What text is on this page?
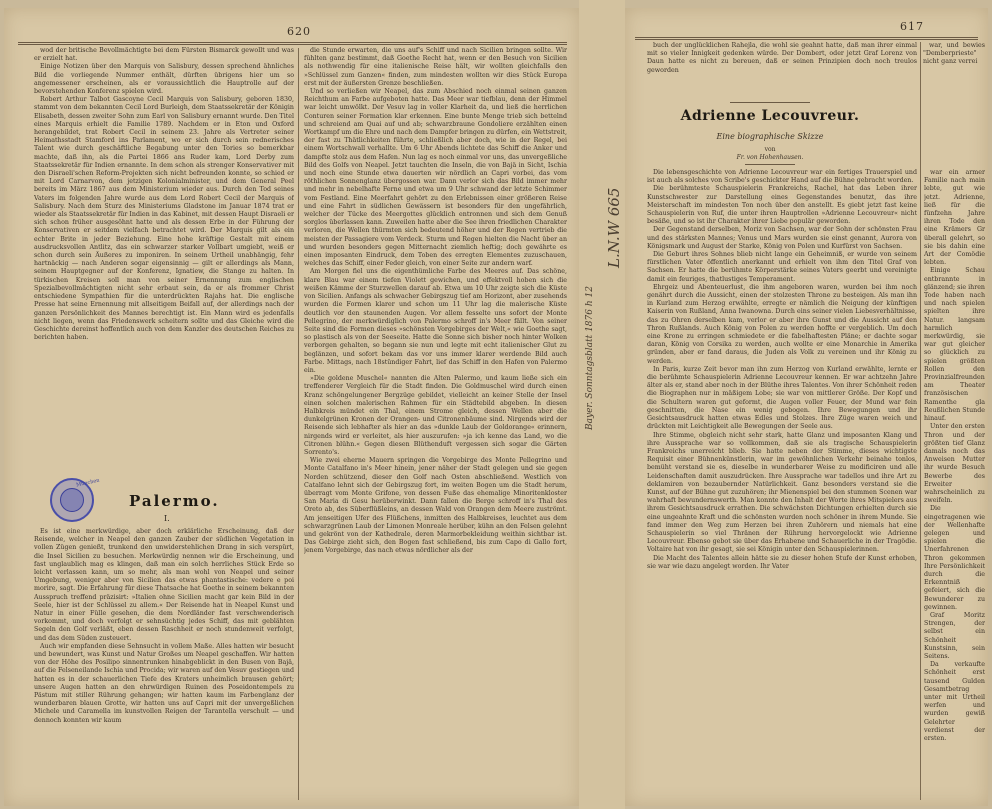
620

wod der britische Bevollmächtigte bei dem Fürsten Bismarck gewollt und was er erzielt hat.

Einige Notizen über den Marquis von Salisbury, dessen sprechend ähnliches Bild die vorliegende Nummer enthält, dürften übrigens hier um so angemessener erscheinen, als er voraussichtlich die Hauptrolle auf der bevorstehenden Konferenz spielen wird.

Robert Arthur Talbot Gascoyne Cecil Marquis von Salisbury, geboren 1830, stammt von dem bekannten Cecil Lord Burleigh, dem Staatssekretär der Königin Elisabeth, dessen zweiter Sohn zum Earl von Salisbury ernannt wurde. Den Titel eines Marquis erhielt die Familie 1789. Nachdem er in Eton und Oxford herangebildet, trat Robert Cecil in seinem 23. Jahre als Vertreter seiner Heimathsstadt Stamford ins Parlament, wo er sich durch sein rednerisches Talent wie durch geschäftliche Begabung unter den Tories so bemerkbar machte, daß ihn, als die Partei 1866 ans Ruder kam, Lord Derby zum Staatssekretär für Indien ernannte. In dem schon als strenger Konservativer mit den Disraeli'schen Reform-Projekten sich nicht befreunden konnte, so schied er mit Lord Carnarvon, dem jetzigen Kolonialminister, und dem General Peel bereits im März 1867 aus dem Ministerium wieder aus. Durch den Tod seines Vaters im folgenden Jahre wurde aus dem Lord Robert Cecil der Marquis of Salisbury. Nach dem Sturz des Ministeriums Gladstone im Januar 1874 trat er wieder als Staatssekretär für Indien in das Kabinet, mit dessen Haupt Disraeli er sich schon früher ausgesöhnt hatte und als dessen Erbe in der Führung der Konservativen er seitdem vielfach betrachtet wird. Der Marquis gilt als ein echter Brite in jeder Beziehung. Eine hohe kräftige Gestalt mit einem ausdrucksvollen Antlitz, das ein schwarzer starker Vollbart umgiebt, weiß er schon durch sein Äußeres zu imponiren. In seinem Urtheil unabhängig, fehr hartnäckig — nach Anderen sogar eigensinnig — gilt er allerdings als Mann, seinem Hauptgegner auf der Konferenz, Ignatiew, die Stange zu halten. In türkischen Kreisen soll man von seiner Ernennung zum englischen Spezialbevollmächtigten nicht sehr erbaut sein, da er als frommer Christ entschiedene Sympathien für die unterdrückten Rajahs hat. Die englische Presse hat seine Ernennung mit allseitigem Beifall auf, der allerdings nach der ganzen Persönlichkeit des Mannes berechtigt ist. Ein Mann wird es jedenfalls nicht liegen, wenn das Friedenswerk scheitern sollte und das Gleiche wird die Geschichte dereinst hoffentlich auch von dem Kanzler des deutschen Reiches zu berichten haben.

München
Palermo.
I.

Es ist eine merkwürdige, aber doch erklärliche Erscheinung, daß der Reisende, welcher in Neapel den ganzen Zauber der südlichen Vegetation in vollen Zügen genießt, trunkend den unwiderstehlichen Drang in sich verspürt, die Insel Sicilien zu besuchen. Merkwürdig nennen wir die Erscheinung, und fast unglaublich mag es klingen, daß man ein solch herrliches Stück Erde so leicht verlassen kann, um so mehr, als man wohl von Neapel und seiner Umgebung, weniger aber von Sicilien das etwas phantastische: vedere e poi morire, sagt. Die Erfahrung für diese Thatsache hat Goethe in seinem bekannten Ausspruch treffend präzisirt: »Italien ohne Sicilien macht gar kein Bild in der Seele, hier ist der Schlüssel zu allem.« Der Reisende hat in Neapel Kunst und Natur in einer Fülle gesehen, die dem Nordländer fast verschwenderisch vorkommt, und doch verfolgt er sehnsüchtig jedes Schiff, das mit geblähten Segeln den Golf verläßt, eben dessen Raschheit er noch stundenweit verfolgt, und das dem Süden zusteuert.

Auch wir empfanden diese Sehnsucht in vollem Maße. Alles hatten wir besucht und bewundert, was Kunst und Natur Großes um Neapel geschaffen. Wir hatten von der Höhe des Posilipo sinnentrunken hinabgeblickt in den Busen von Bajä, auf die Felseneilande Ischia und Procida; wir waren auf den Vesuv gestiegen und hatten es in der schauerlichen Tiefe des Kraters unheimlich brausen gehört; unsere Augen hatten an den ehrwürdigen Ruinen des Poseidontempels zu Pästum mit stiller Rührung gehangen; wir hatten kaum im Farbenglanz der wunderbaren blauen Grotte, wir hatten uns auf Capri mit der unvergeßlichen Michele und Caramella im kunstvollen Reigen der Tarantella verschult — und dennoch konnten wir kaum

die Stunde erwarten, die uns auf's Schiff und nach Sicilien bringen sollte. Wir fühlten ganz bestimmt, daß Goethe Recht hat, wenn er den Besuch von Sicilien als nothwendig für eine italienische Reise hält, wir wollten gleichfalls den »Schlüssel zum Ganzen« finden, zum mindesten wollten wir dies Stück Europa erst mit der äußersten Grenze beschließen.

Und so verließen wir Neapel, das zum Abschied noch einmal seinen ganzen Reichthum an Farbe aufgeboten hatte. Das Meer war tiefblau, denn der Himmel war leicht umwölkt. Der Vesuv lag in voller Klarheit da, und ließ die herrlichen Conturen seiner Formation klar erkennen. Eine bunte Menge trieb sich bettelnd und schreiend am Quai auf und ab; schwarzbraune Gondoliere erzählten einen Wortkampf um die Ehre und nach dem Dampfer bringen zu dürfen, ein Wettstreit, der fast zu Thätlichkeiten führte, schließlich aber doch, wie in der Regel, bei einem Wortschwall verhallte. Um 6 Uhr Abends lichtete das Schiff die Anker und dampfte stolz aus dem Hafen. Nun lag es noch einmal vor uns, das unvergeßliche Bild des Golfs von Neapel. Jetzt tauchten die Inseln, die von Bajä in Sicht, Ischia und noch eine Stunde etwa dauerten wir nördlich an Capri vorbei, das vom röthlichen Sonnenglanz übergossen war. Dann verlor sich das Bild immer mehr und mehr in nebelhafte Ferne und etwa um 9 Uhr schwand der letzte Schimmer vom Festland. Eine Meerfahrt gehört zu den Erlebnissen einer größeren Reise und eine Fahrt in südlichen Gewässern ist besonders für den ungefährlich, welcher der Tücke des Meergottes glücklich entronnen und sich dem Genuß sorglos überlassen kann. Zuweilen hatte aber die See ihren friedlichen Charakter verloren, die Wellen thürmten sich bedeutend höher und der Regen vertrieb die meisten der Passagiere vom Verdeck. Sturm und Regen hielten die Nacht über an und wurden besonders gegen Mitternacht ziemlich heftig; doch gewährte es einen imposanten Eindruck, dem Toben des erregten Elementes zuzuschauen, welches das Schiff, einer Feder gleich, von einer Seite zur andern warf.

Am Morgen fiel uns die eigenthümliche Farbe des Meeres auf. Das schöne, klare Blau war einem tiefen Violett gewichen, und effektvoll hoben sich die weißen Kämme der Sturzwellen darauf ab. Etwa um 10 Uhr zeigte sich die Küste von Sicilien. Anfangs als schwacher Gebirgszug tief am Horizont, aber zusehends wurden die Formen klarer und schon um 11 Uhr lag die malerische Küste deutlich vor den staunenden Augen. Vor allem fesselte uns sofort der Monte Pellegrino, der merkwürdiglich von Palermo schroff in's Meer fällt. Von seiner Seite sind die Formen dieses »schönsten Vorgebirges der Welt,« wie Goethe sagt, so plastisch als von der Seeseite. Hatte die Sonne sich bisher noch hinter Wolken verborgen gehalten, so begann sie nun und legte mit echt italienischer Glut zu beglänzen, und sofort bekam das vor uns immer klarer werdende Bild auch Farbe. Mittags, nach 18stündiger Fahrt, lief das Schiff in den Hafen von Palermo ein.

»Die goldene Muschel« nannten die Alten Palermo, und kaum ließe sich ein treffenderer Vergleich für die Stadt finden. Die Goldmuschel wird durch einen Kranz schöngelungener Bergzüge gebildet, vielleicht an keiner Stelle der Insel einen solchen malerischen Rahmen für ein Städtebild abgeben. In diesen Halbkreis mündet ein Thal, einem Strome gleich, dessen Wellen aber die dunkelgrünen Kronen der Orangen- und Citronenbäume sind. Nirgends wird der Reisende sich lebhafter als hier an das »dunkle Laub der Goldorange« erinnern, nirgends wird er verleitet, als hier auszurufen: »ja ich kenne das Land, wo die Citronen blühn.« Gegen diesen Blüthenduft vergessen sich sogar die Gärten Sorrento's.

Wie zwei eherne Mauern springen die Vorgebirge des Monte Pellegrino und Monte Catalfano in's Meer hinein, jener näher der Stadt gelegen und sie gegen Norden schützend, dieser den Golf nach Osten abschließend. Westlich von Catalfano lehnt sich der Gebirgszug fort, im weiten Bogen um die Stadt herum, überragt vom Monte Grifone, von dessen Fuße das ehemalige Minoritenkloster San Maria di Gesu herüberwinkt. Dann fallen die Berge schroff in's Thal des Oreto ab, des Süberflüßleins, an dessen Wald von Orangen dem Meere zuströmt. Am jenseitigen Ufer des Flüßchens, inmitten des Halbkreises, leuchtet aus dem schwarzgrünen Laub der Limonen Monreale herüber, kühn an den Felsen gelehnt und gekrönt von der Kathedrale, deren Marmorbekleidung weithin sichtbar ist. Das Gebirge zieht sich, den Bogen fast schließend, bis zum Capo di Gallo fort, jenem Vorgebirge, das nach etwas nördlicher als der

L.N.W 665
Bayer. Sonntagsblatt 1876 h 12
617

buch der unglücklichen Rahejla, die wohl sie geahnt hatte, daß man ihrer einmal mit so vieler Innigkeit gedenken würde. Der Dombert, oder jetzt Graf Lorenz von Daun hatte es nicht zu bereuen, daß er seinen Prinzipien doch noch treulos geworden

war, und bewies "Demberprieste" nicht ganz verrei

Adrienne Lecouvreur.
Eine biographische Skizze
von
Fr. von Hohenhausen.

Die lebensgeschichte von Adrienne Lecouvreur war ein fertiges Trauerspiel und ist auch als solches von Scribe's geschickter Hand auf die Bühne gebracht worden.

Die berühmteste Schauspielerin Frankreichs, Rachel, hat das Leben ihrer Kunstschwester zur Darstellung eines Gegenstandes benutzt, das ihre Meisterschaft im mindesten Ton noch über den anstellt. Es giebt jetzt fast keine Schauspielerin von Ruf, die unter ihren Hauptrollen »Adrienne Lecouvreur« nicht besäße, und so ist ihr Charakter ihrer Liebe populär geworden.

Der Gegenstand derselben, Moriz von Sachsen, war der Sohn der schönsten Frau und des stärksten Mannes; Venus und Mars wurden sie einst genannt, Aurora von Königsmark und August der Starke, König von Polen und Kurfürst von Sachsen.

Die Geburt ihres Sohnes blieb nicht lange ein Geheimniß, er wurde von seinem fürstlichen Vater öffentlich anerkannt und erhielt von ihm den Titel Graf von Sachsen. Er hatte die berühmte Körperstärke seines Vaters geerbt und vereinigte damit ein feuriges, thatlustiges Temperament.

Ehrgeiz und Abenteuerlust, die ihm angeboren waren, wurden bei ihm noch genährt durch die Aussicht, einen der stolzesten Throne zu besteigen. Als man ihn in Kurland zum Herzog erwählte, erregte er nämlich die Neigung der künftigen Kaiserin von Rußland, Anna Iwanowna. Durch eins seiner vielen Liebesverhältnisse, das zu Ohren derselben kam, verlor er aber ihre Gunst und die Aussicht auf den Thron Rußlands. Auch König von Polen zu werden hoffte er vergeblich. Um doch eine Krone zu erringen schmiedete er die fabelhaftesten Pläne; er dachte sogar daran, König von Corsika zu werden, auch wollte er eine Monarchie in Amerika gründen, aber er fand daraus, die Juden als Volk zu vereinen und ihr König zu werden.

In Paris, kurze Zeit bevor man ihn zum Herzog von Kurland erwählte, lernte er die berühmte Schauspielerin Adrienne Lecouvreur kennen. Er war achtzehn Jahre älter als er, stand aber noch in der Blüthe ihres Talentes. Von ihrer Schönheit reden die Biographen nur in mäßigem Lobe; sie war von mittlerer Größe. Der Kopf und die Schultern waren gut geformt, die Augen voller Feuer, der Mund war fein geschnitten, die Nase ein wenig gebogen. Ihre Bewegungen und ihr Gesichtsausdruck hatten etwas Edles und Stolzes. Ihre Züge waren weich und drückten mit Leichtigkeit alle Bewegungen der Seele aus.

Ihre Stimme, obgleich nicht sehr stark, hatte Glanz und imposanten Klang und ihre Aussprache war so vollkommen, daß sie als tragische Schauspielerin Frankreichs unerreicht blieb. Sie hatte neben der Stimme, dieses wichtigste Requisit einer Bühnenkünstlerin, war im gewöhnlichen Verkehr beinahe tonlos, bemüht verstand sie es, dieselbe in wunderbarer Weise zu modificiren und alle Leidenschaften damit auszudrücken. Ihre Aussprache war tadellos und ihre Art zu deklamiren von bezaubernder Natürlichkeit. Ganz besonders verstand sie die Kunst, auf der Bühne gut zuzuhören; ihr Mienenspiel bei den stummen Scenen war wahrhaft bewundernswerth. Man konnte den Inhalt der Worte ihres Mitspielers aus ihrem Gesichtsausdruck errathen. Die schwächsten Dichtungen erhielten durch sie eine ungeahnte Kraft und die schönsten wurden noch schöner in ihrem Munde. Sie fand immer den Weg zum Herzen bei ihren Zuhörern und niemals hat eine Schauspielerin so viel Thränen der Rührung hervorgelockt wie Adrienne Lecouvreur. Ebenso gebot sie über das Erhabene und Schauerliche in der Tragödie. Voltaire hat von ihr gesagt, sie sei Königin unter den Schauspielerinnen.

Die Macht des Talentes allein hätte sie zu dieser hohen Stufe der Kunst erhoben, sie war wie dazu angelegt worden. Ihr Vater

war ein armer Familie nach main lebte, gut wie jetzt. Adrienne, ließ für die fünfzehn Jahre ihren Tode den eine Krämers Gr überall gelehrt, so sie bis dahin eine Art der Comödie lebten.

Einige Schau entbrannte in glänzend; sie ihren Tode haben nach und nach spielen spielten ihre Natur. langsam harmlich merkwürdig, sie war gut gleicher so glücklich zu spielen größten Rollen den Provinzialfreunden am Theater französischen Ramenthe gla Reußlichen Stunde hinauf.

Unter den ersten Thron und der größten tief Glanz damals noch das Anweisen Mutter ihr wurde Besuch Bewerbe des Erweiter wahrscheinlich zu zweifeln.

Die eingetragenen wie der Wellenhafte gelegen und spielen die Unerfahrenen Thron gekommen Ihre Persönlichkeit durch die Erkenntniß gefeiert, sich die Bewunderer zu gewinnen.

Graf Moritz Strengen, der selbst ein Schönheit Kunstsinn, sein Seitens.

Da verkaufte Schönheit erst tausend Gulden Gesamtbetrag unter mit Urtheil werfen und wurden gewiß Gelehrter verdienst der ersten.
